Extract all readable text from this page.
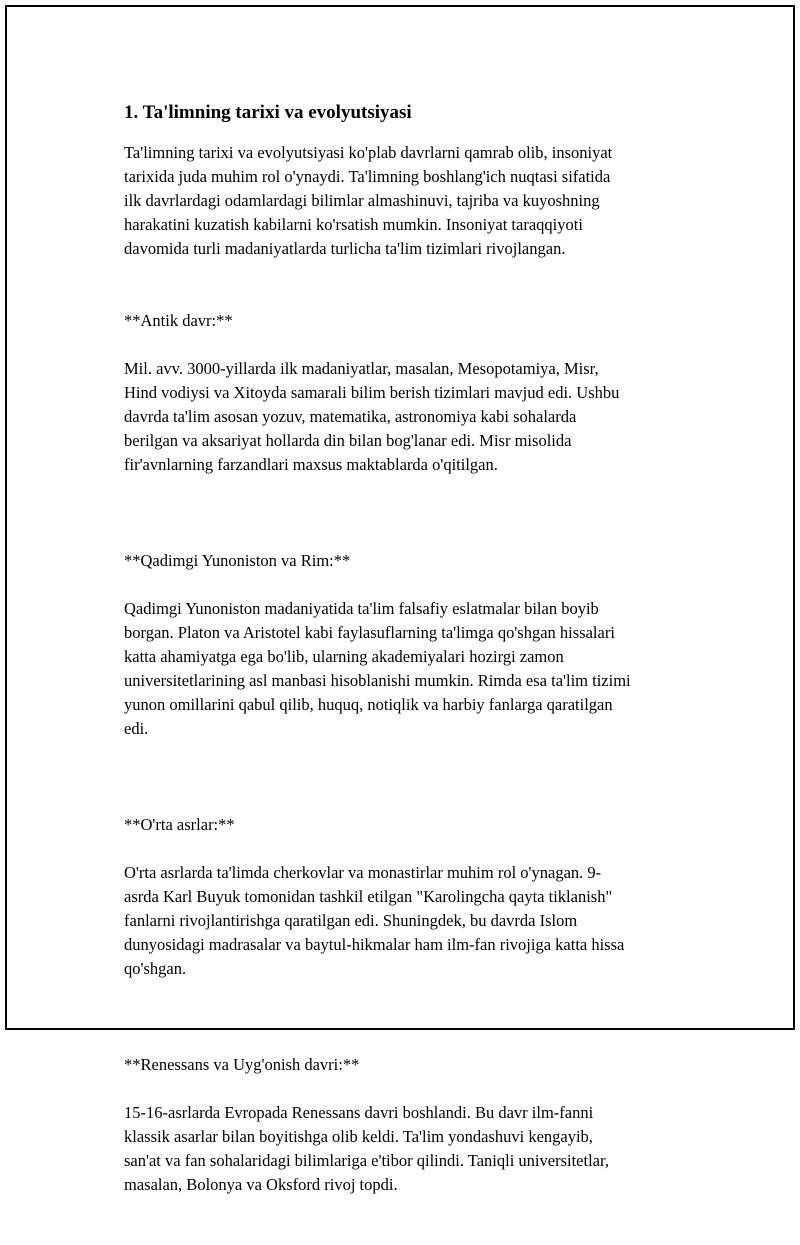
1. Ta'limning tarixi va evolyutsiyasi

Ta'limning tarixi va evolyutsiyasi ko'plab davrlarni qamrab olib, insoniyat
tarixida juda muhim rol o'ynaydi. Ta'limning boshlang'ich nuqtasi sifatida
ilk davrlardagi odamlardagi bilimlar almashinuvi, tajriba va kuyoshning
harakatini kuzatish kabilarni ko'rsatish mumkin. Insoniyat taraqqiyoti
davomida turli madaniyatlarda turlicha ta'lim tizimlari rivojlangan.

**Antik davr:**

Mil. avv. 3000-yillarda ilk madaniyatlar, masalan, Mesopotamiya, Misr,
Hind vodiysi va Xitoyda samarali bilim berish tizimlari mavjud edi. Ushbu
davrda ta'lim asosan yozuv, matematika, astronomiya kabi sohalarda
berilgan va aksariyat hollarda din bilan bog'lanar edi. Misr misolida
fir'avnlarning farzandlari maxsus maktablarda o'qitilgan.

**Qadimgi Yunoniston va Rim:**

Qadimgi Yunoniston madaniyatida ta'lim falsafiy eslatmalar bilan boyib
borgan. Platon va Aristotel kabi faylasuflarning ta'limga qo'shgan hissalari
katta ahamiyatga ega bo'lib, ularning akademiyalari hozirgi zamon
universitetlarining asl manbasi hisoblanishi mumkin. Rimda esa ta'lim tizimi
yunon omillarini qabul qilib, huquq, notiqlik va harbiy fanlarga qaratilgan
edi.

**O'rta asrlar:**

O'rta asrlarda ta'limda cherkovlar va monastirlar muhim rol o'ynagan. 9-
asrda Karl Buyuk tomonidan tashkil etilgan "Karolingcha qayta tiklanish"
fanlarni rivojlantirishga qaratilgan edi. Shuningdek, bu davrda Islom
dunyosidagi madrasalar va baytul-hikmalar ham ilm-fan rivojiga katta hissa
qo'shgan.

**Renessans va Uyg'onish davri:**

15-16-asrlarda Evropada Renessans davri boshlandi. Bu davr ilm-fanni
klassik asarlar bilan boyitishga olib keldi. Ta'lim yondashuvi kengayib,
san'at va fan sohalaridagi bilimlariga e'tibor qilindi. Taniqli universitetlar,
masalan, Bolonya va Oksford rivoj topdi.
